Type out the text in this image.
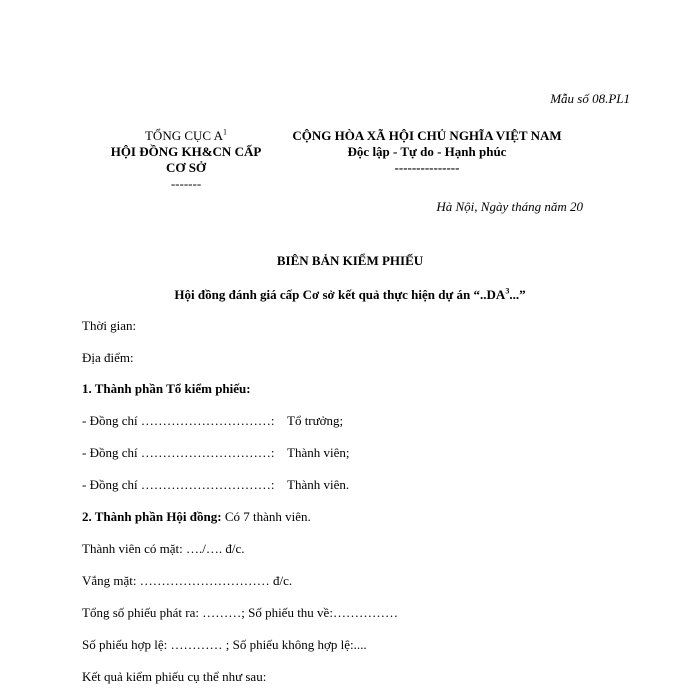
Mẫu số 08.PL1
TỔNG CỤC $A^1$
HỘI ĐỒNG KH&CN CẤP
CƠ SỞ
-------
CỘNG HÒA XÃ HỘI CHỦ NGHĨA VIỆT NAM
Độc lập - Tự do - Hạnh phúc
---------------
Hà Nội, Ngày tháng năm 20
BIÊN BẢN KIỂM PHIẾU
Hội đồng đánh giá cấp Cơ sở kết quả thực hiện dự án “$..DA^3$...”
Thời gian:
Địa điểm:
1. Thành phần Tổ kiểm phiếu:
- Đồng chí …………………………: Tổ trưởng;
- Đồng chí …………………………: Thành viên;
- Đồng chí …………………………: Thành viên.
2. Thành phần Hội đồng: Có 7 thành viên.
Thành viên có mặt: …./…. đ/c.
Vắng mặt: ………………………… đ/c.
Tổng số phiếu phát ra: ………; Số phiếu thu về:……………
Số phiếu hợp lệ: ………… ; Số phiếu không hợp lệ:....
Kết quả kiểm phiếu cụ thể như sau:
